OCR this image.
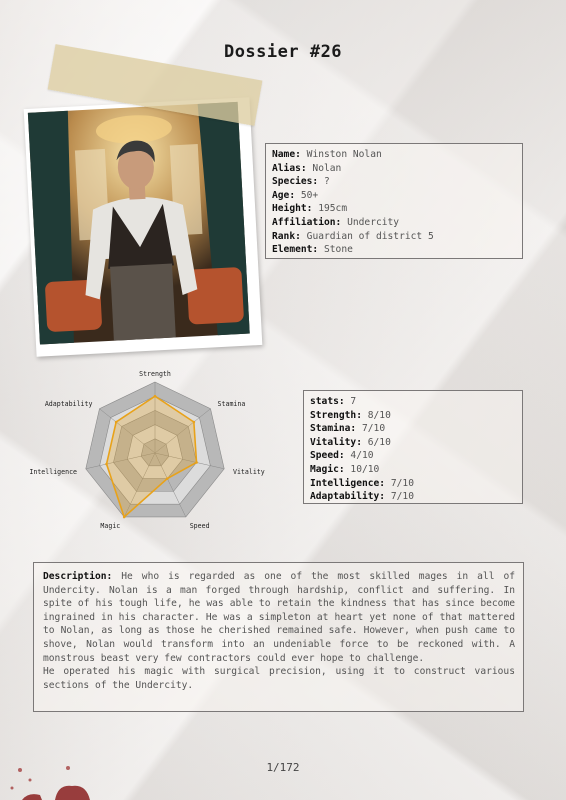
Dossier #26
Name: Winston Nolan
Alias: Nolan
Species: ?
Age: 50+
Height: 195cm
Affiliation: Undercity
Rank: Guardian of district 5
Element: Stone
Strength
Stamina
Vitality
Speed
Magic
Intelligence
Adaptability	stats: 7
Strength: 8/10
Stamina: 7/10
Vitality: 6/10
Speed: 4/10
Magic: 10/10
Intelligence: 7/10
Adaptability: 7/10

Description: He who is regarded as one of the most skilled mages in all of Undercity. Nolan is a man forged through hardship, conflict and suffering. In spite of his tough life, he was able to retain the kindness that has since become ingrained in his character. He was a simpleton at heart yet none of that mattered to Nolan, as long as those he cherished remained safe. However, when push came to shove, Nolan would transform into an undeniable force to be reckoned with. A monstrous beast very few contractors could ever hope to challenge.

He operated his magic with surgical precision, using it to construct various sections of the Undercity.

1/172
